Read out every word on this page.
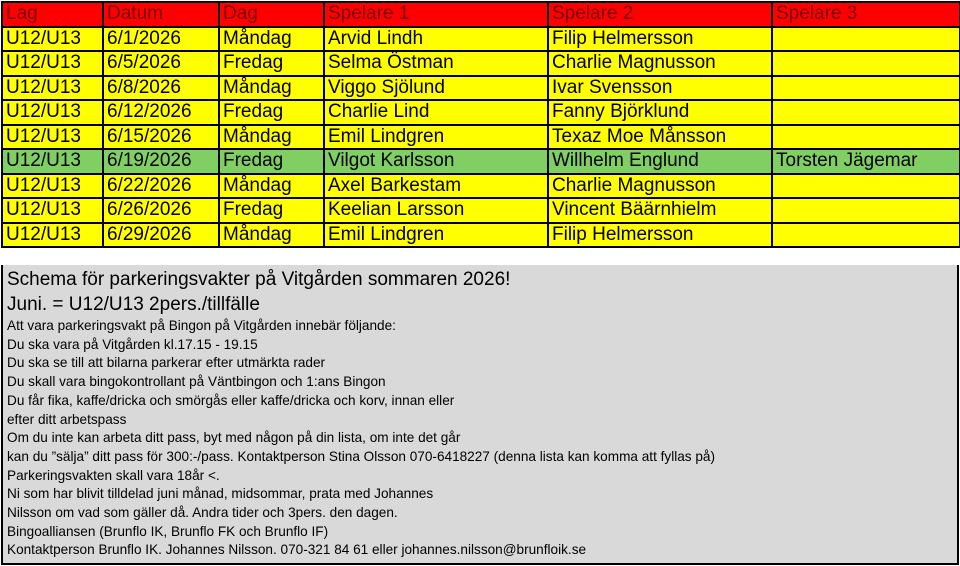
Lag	Datum	Dag	Spelare 1	Spelare 2	Spelare 3
U12/U13	6/1/2026	Måndag	Arvid Lindh	Filip Helmersson	
U12/U13	6/5/2026	Fredag	Selma Östman	Charlie Magnusson	
U12/U13	6/8/2026	Måndag	Viggo Sjölund	Ivar Svensson	
U12/U13	6/12/2026	Fredag	Charlie Lind	Fanny Björklund	
U12/U13	6/15/2026	Måndag	Emil Lindgren	Texaz Moe Månsson	
U12/U13	6/19/2026	Fredag	Vilgot Karlsson	Willhelm Englund	Torsten Jägemar
U12/U13	6/22/2026	Måndag	Axel Barkestam	Charlie Magnusson	
U12/U13	6/26/2026	Fredag	Keelian Larsson	Vincent Bäärnhielm	
U12/U13	6/29/2026	Måndag	Emil Lindgren	Filip Helmersson	
Schema för parkeringsvakter på Vitgården sommaren 2026!
Juni. = U12/U13 2pers./tillfälle
Att vara parkeringsvakt på Bingon på Vitgården innebär följande:
Du ska vara på Vitgården kl.17.15 - 19.15
Du ska se till att bilarna parkerar efter utmärkta rader
Du skall vara bingokontrollant på Väntbingon och 1:ans Bingon
Du får fika, kaffe/dricka och smörgås eller kaffe/dricka och korv, innan eller
efter ditt arbetspass
Om du inte kan arbeta ditt pass, byt med någon på din lista, om inte det går
kan du ”sälja” ditt pass för 300:-/pass. Kontaktperson Stina Olsson 070-6418227 (denna lista kan komma att fyllas på)
Parkeringsvakten skall vara 18år <.
Ni som har blivit tilldelad juni månad, midsommar, prata med Johannes
Nilsson om vad som gäller då. Andra tider och 3pers. den dagen.
Bingoalliansen (Brunflo IK, Brunflo FK och Brunflo IF)
Kontaktperson Brunflo IK. Johannes Nilsson. 070-321 84 61 eller johannes.nilsson@brunfloik.se
